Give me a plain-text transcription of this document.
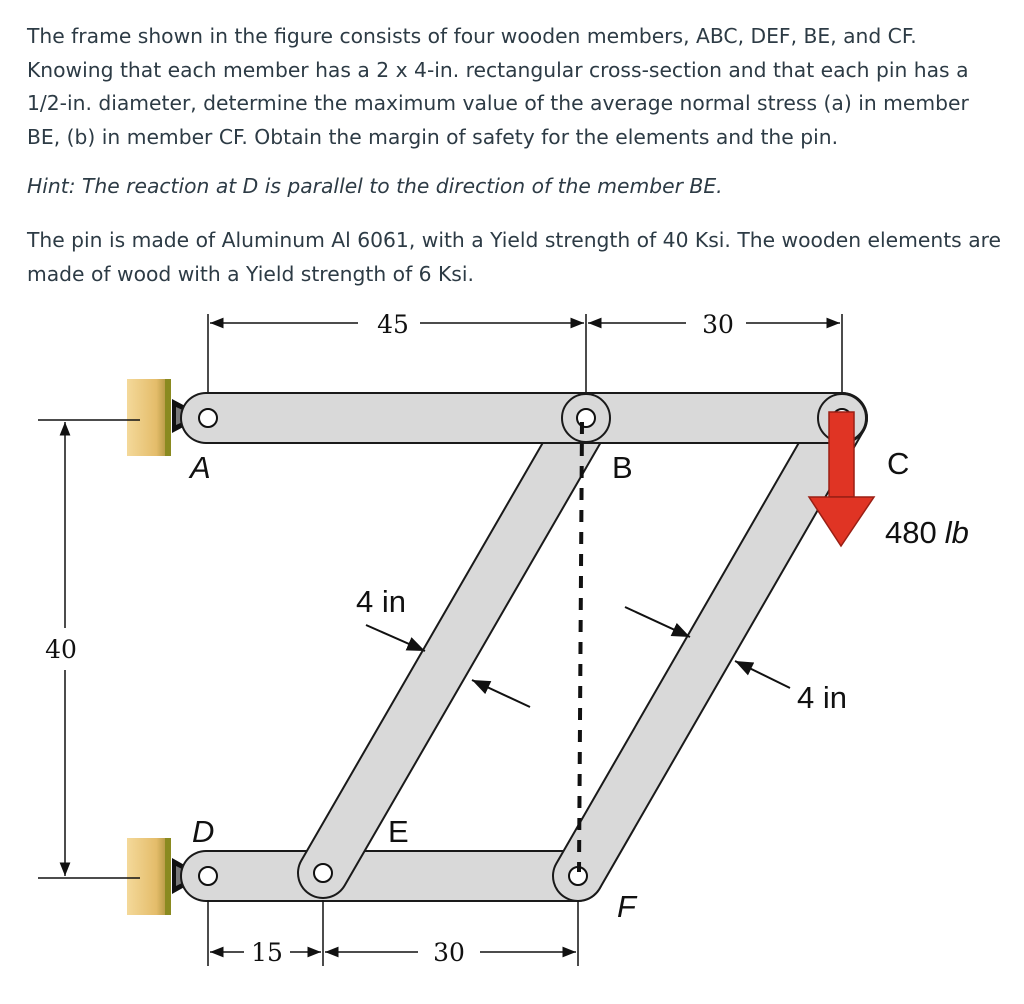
The frame shown in the figure consists of four wooden members, ABC, DEF, BE, and CF. Knowing that each member has a 2 x 4-in. rectangular cross-section and that each pin has a 1/2-in. diameter, determine the maximum value of the average normal stress (a) in member BE, (b) in member CF. Obtain the margin of safety for the elements and the pin.

Hint: The reaction at D is parallel to the direction of the member BE.

The pin is made of Aluminum Al 6061, with a Yield strength of 40 Ksi. The wooden elements are made of wood with a Yield strength of 6 Ksi.

45	30
40
15	30
A	B	C
D	E
F
4 in
4 in
480 lb
